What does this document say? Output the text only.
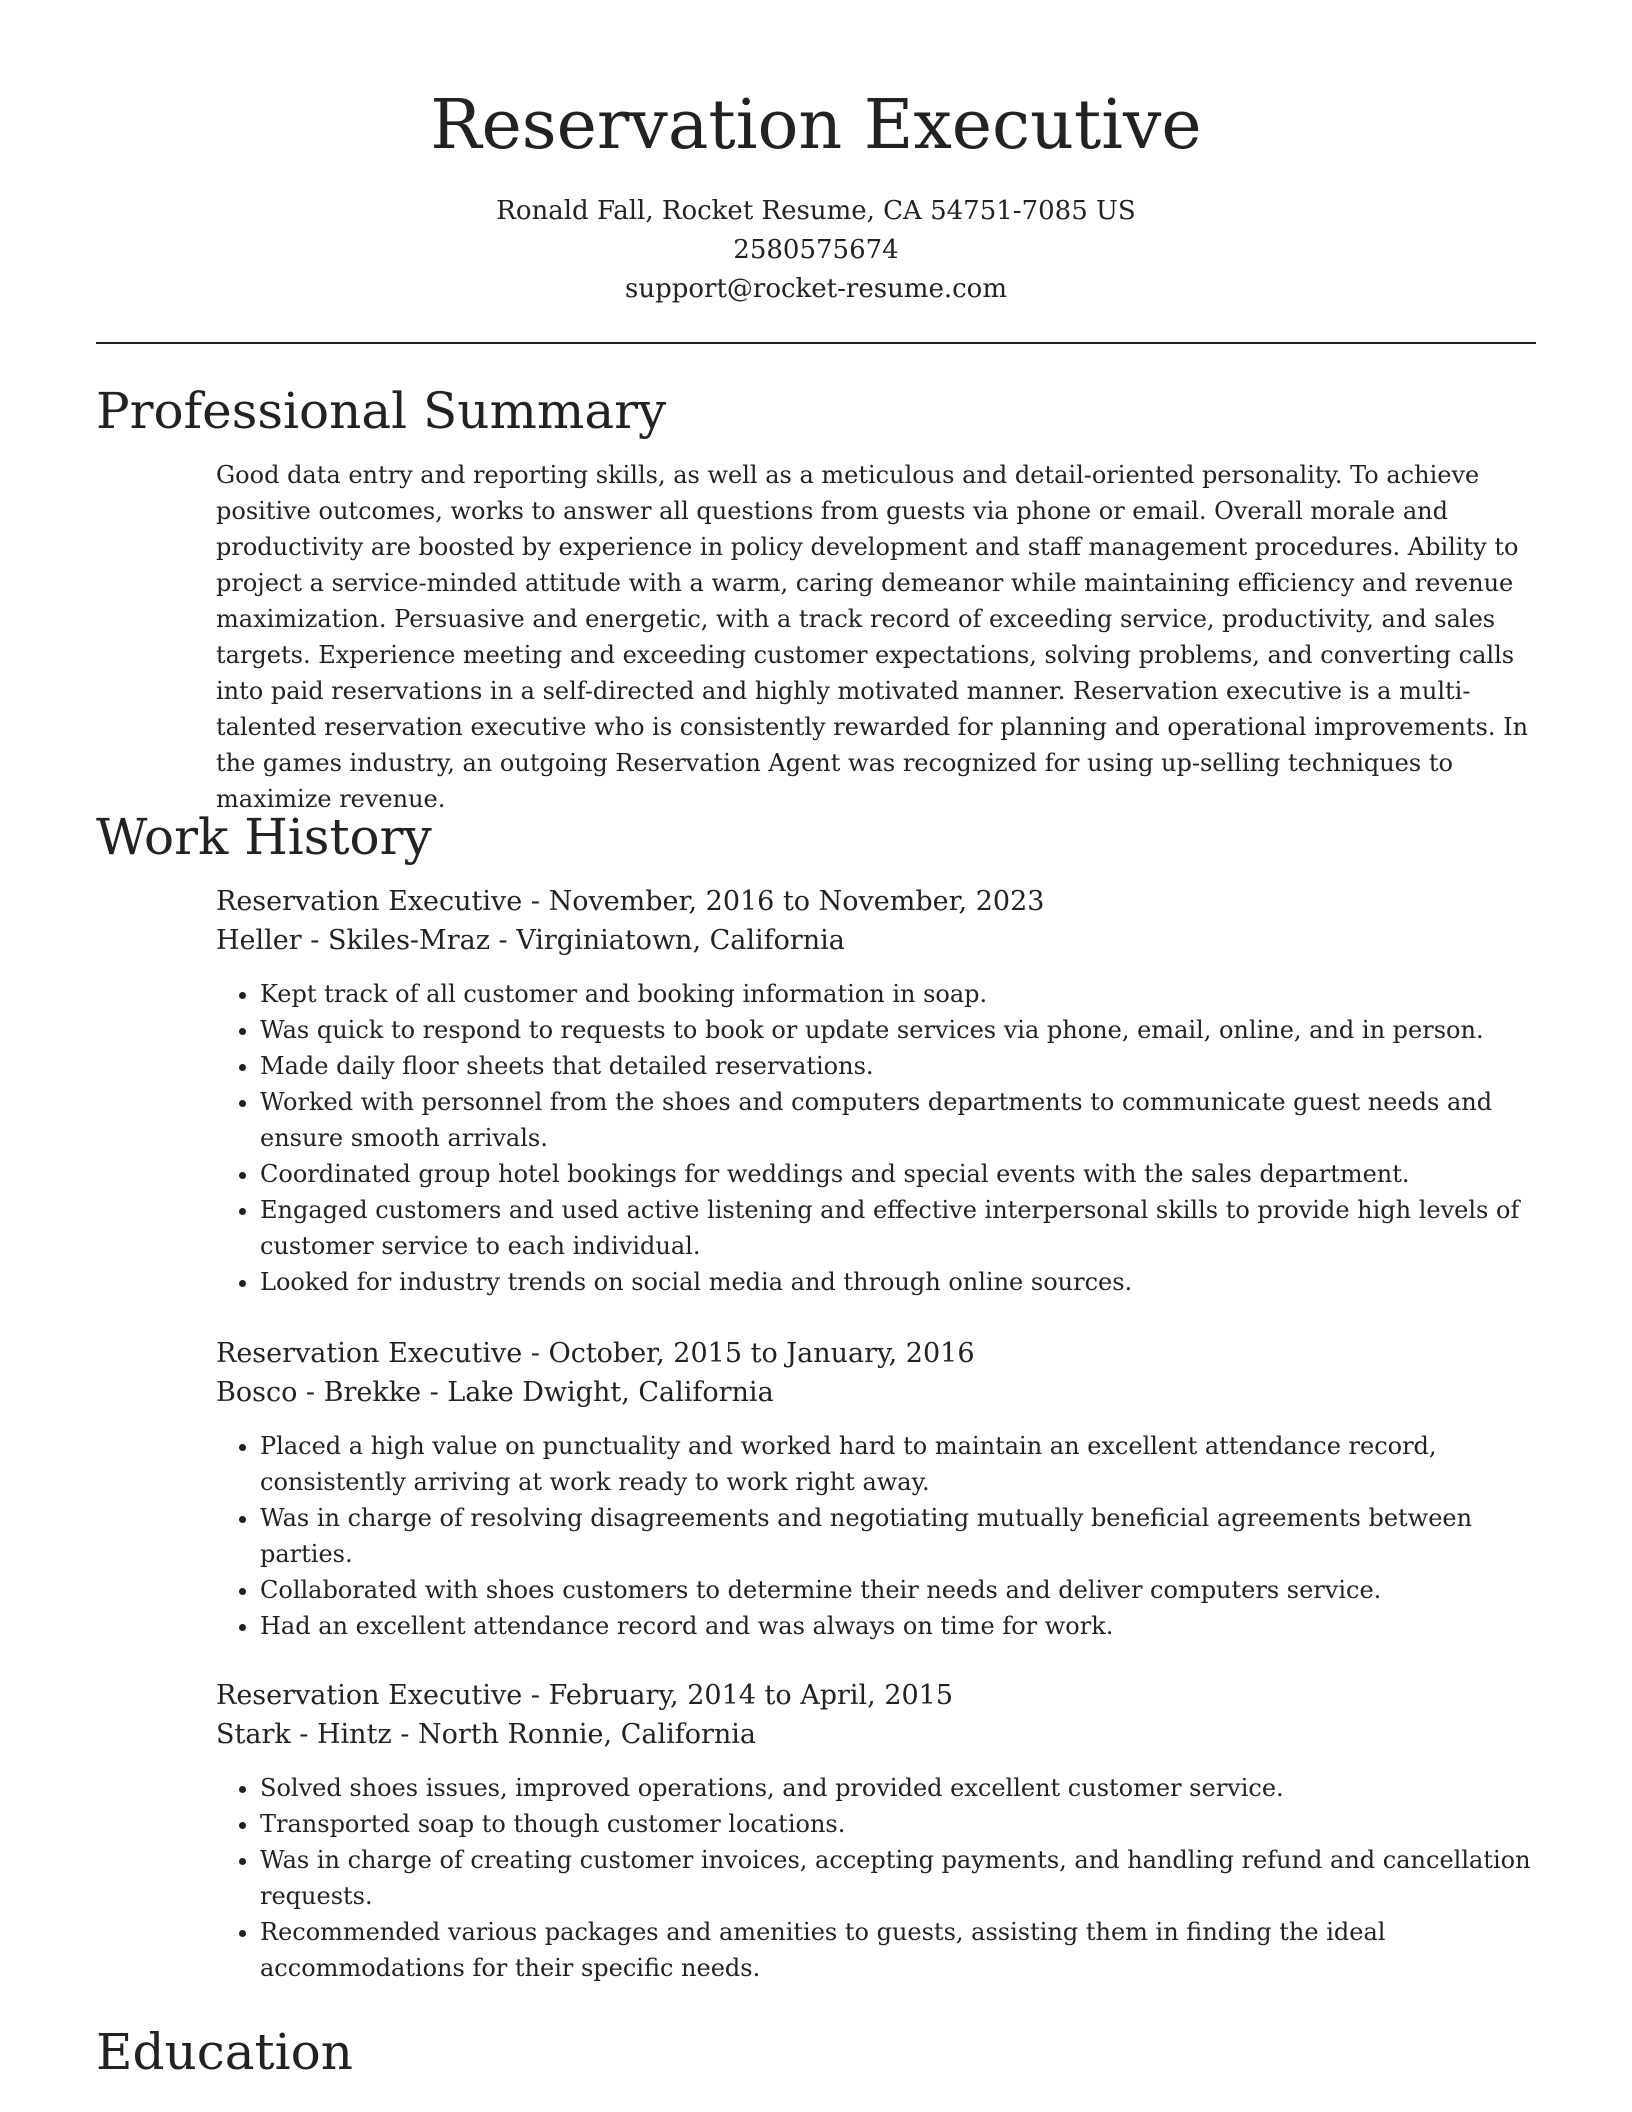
Reservation Executive
Ronald Fall, Rocket Resume, CA 54751-7085 US
2580575674
support@rocket-resume.com
Professional Summary

Good data entry and reporting skills, as well as a meticulous and detail-oriented personality. To achieve positive outcomes, works to answer all questions from guests via phone or email. Overall morale and productivity are boosted by experience in policy development and staff management procedures. Ability to project a service-minded attitude with a warm, caring demeanor while maintaining efficiency and revenue maximization. Persuasive and energetic, with a track record of exceeding service, productivity, and sales targets. Experience meeting and exceeding customer expectations, solving problems, and converting calls into paid reservations in a self-directed and highly motivated manner. Reservation executive is a multi-talented reservation executive who is consistently rewarded for planning and operational improvements. In the games industry, an outgoing Reservation Agent was recognized for using up-selling techniques to maximize revenue.

Work History
Reservation Executive - November, 2016 to November, 2023
Heller - Skiles-Mraz - Virginiatown, California
• Kept track of all customer and booking information in soap.
• Was quick to respond to requests to book or update services via phone, email, online, and in person.
• Made daily floor sheets that detailed reservations.
• Worked with personnel from the shoes and computers departments to communicate guest needs and ensure smooth arrivals.
• Coordinated group hotel bookings for weddings and special events with the sales department.
• Engaged customers and used active listening and effective interpersonal skills to provide high levels of customer service to each individual.
• Looked for industry trends on social media and through online sources.
Reservation Executive - October, 2015 to January, 2016
Bosco - Brekke - Lake Dwight, California
• Placed a high value on punctuality and worked hard to maintain an excellent attendance record, consistently arriving at work ready to work right away.
• Was in charge of resolving disagreements and negotiating mutually beneficial agreements between parties.
• Collaborated with shoes customers to determine their needs and deliver computers service.
• Had an excellent attendance record and was always on time for work.
Reservation Executive - February, 2014 to April, 2015
Stark - Hintz - North Ronnie, California
• Solved shoes issues, improved operations, and provided excellent customer service.
• Transported soap to though customer locations.
• Was in charge of creating customer invoices, accepting payments, and handling refund and cancellation requests.
• Recommended various packages and amenities to guests, assisting them in finding the ideal accommodations for their specific needs.
Education
